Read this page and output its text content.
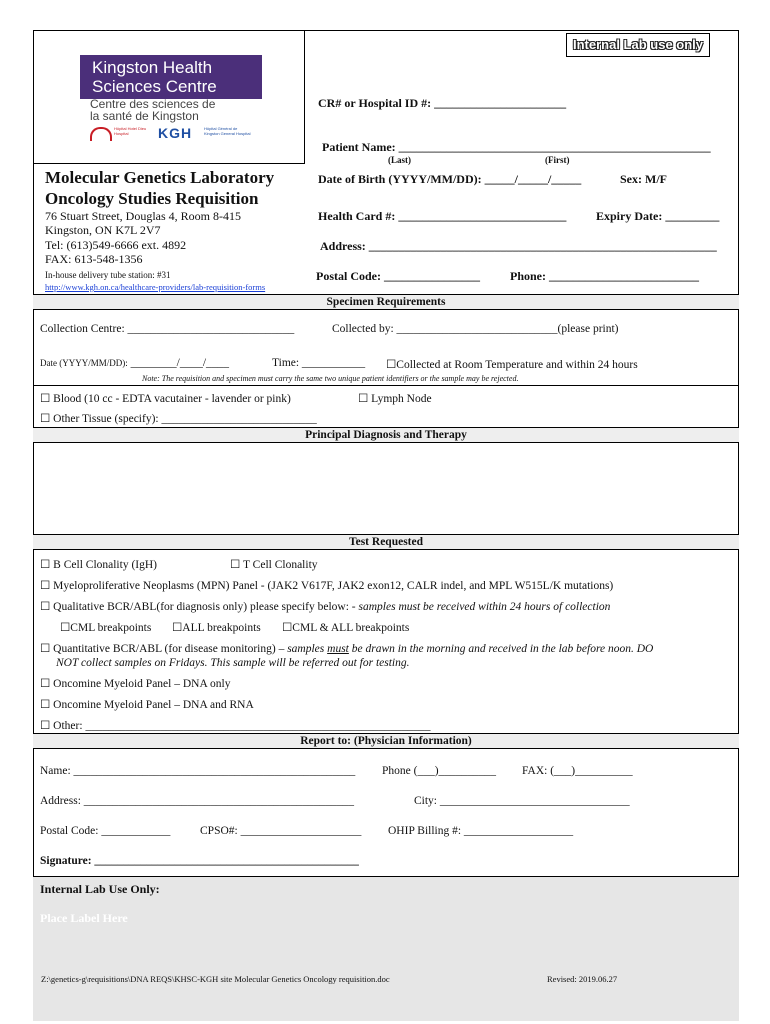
Kingston Health
Sciences Centre
Centre des sciences de
la santé de Kingston
Hôpital Hotel Dieu Hospital	KGH	Hôpital Général de Kingston General Hospital
Internal Lab use only
Molecular Genetics Laboratory
Oncology Studies Requisition
76 Stuart Street, Douglas 4, Room 8-415
Kingston, ON K7L 2V7
Tel: (613)549-6666 ext. 4892
FAX: 613-548-1356
In-house delivery tube station: #31
http://www.kgh.on.ca/healthcare-providers/lab-requisition-forms
CR# or Hospital ID #: ______________________
Patient Name: ____________________________________________________
(Last)	(First)
Date of Birth (YYYY/MM/DD): _____/_____/_____	Sex: M/F
Health Card #: ____________________________ Expiry Date: _________
Address: __________________________________________________________
Postal Code: ________________	Phone: _________________________
Specimen Requirements
Collection Centre: _____________________________	Collected by: ____________________________(please print)
Date (YYYY/MM/DD): ________/____/____	Time: ___________ ☐Collected at Room Temperature and within 24 hours
Note: The requisition and specimen must carry the same two unique patient identifiers or the sample may be rejected.
☐ Blood (10 cc - EDTA vacutainer - lavender or pink)	☐ Lymph Node
☐ Other Tissue (specify): ___________________________
Principal Diagnosis and Therapy
Test Requested
☐ B Cell Clonality (IgH)	☐ T Cell Clonality
☐ Myeloproliferative Neoplasms (MPN) Panel - (JAK2 V617F, JAK2 exon12, CALR indel, and MPL W515L/K mutations)
☐ Qualitative BCR/ABL(for diagnosis only) please specify below: - samples must be received within 24 hours of collection
☐CML breakpoints ☐ALL breakpoints ☐CML & ALL breakpoints
☐ Quantitative BCR/ABL (for disease monitoring) – samples must be drawn in the morning and received in the lab before noon. DO
NOT collect samples on Fridays. This sample will be referred out for testing.
☐ Oncomine Myeloid Panel – DNA only
☐ Oncomine Myeloid Panel – DNA and RNA
☐ Other: ____________________________________________________________
Report to: (Physician Information)
Name: _________________________________________________ Phone (___)__________ FAX: (___)__________
Address: _______________________________________________	City: _________________________________
Postal Code: ____________	CPSO#: _____________________ OHIP Billing #: ___________________
Signature: ______________________________________________
Internal Lab Use Only:
Place Label Here
Z:\genetics-g\requisitions\DNA REQS\KHSC-KGH site Molecular Genetics Oncology requisition.doc	Revised: 2019.06.27
